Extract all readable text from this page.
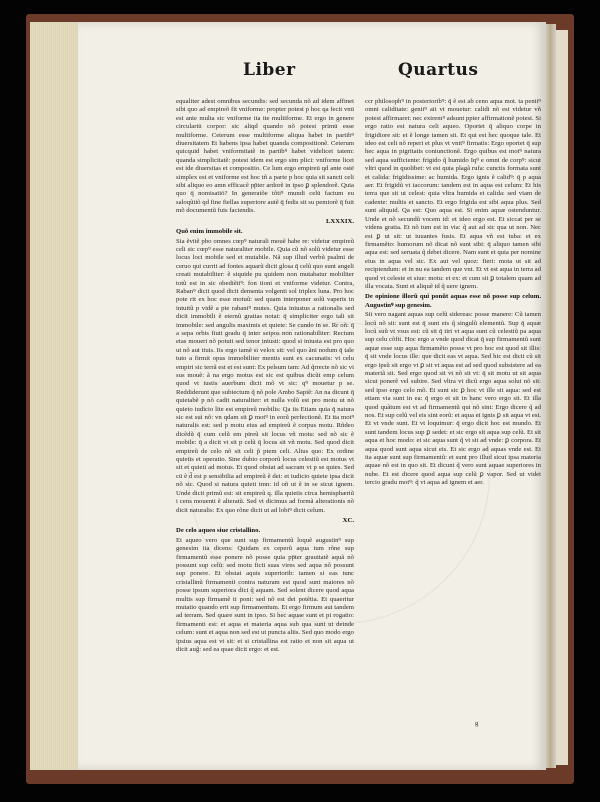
Liber	Quartus

equaliter adest omnibus secundis: sed secunda nõ ad idem affinet sibi quo ad empireõ fit vniforme: propter potest p hoc qa fecit vnū est ante multa sic vniforme ita ite multiforme. Et ergo in genere circulariū corpor: sic aliqd quando nõ potest primū esse multiforme. Ceterum esse multiforme aliqua habet in partibꝰ diuersitatem Et habens ipsa habet quanda compositionẽ. Ceterum quicquid habet vniformitatẽ in partibꝰ habet videlicet tatem: quanda simplicitatẽ: potest idem est ergo sim plici: vniforme licet est ide diuersitas et compositio. Ce lum ergo empireū qd ante ostē simplex est et vniforme est hoc tñ a parte p hoc quia sit sancti celi sibi aliquo eo amn efficacẽ pp̄ter ardorẽ in ipso ꝑ splendorẽ. Quia quo q̄ nomisatiō? In generatõe tõtiꝰ mundi celū factum eu saloqũtiõ qd fine fiellas superiore autẽ q̄ fedis sit su pemiorẽ q̄ fuit mõ documentũ fuis faciendis.

LXXXIX.
Quõ enim immobile sit.

Sia ẽvitẽ pbo omnes cœpꝰ naturali mouẽ habe re: videtur empireũ celi sic cœpꝰ esse naturaliter mobile. Quia cũ nõ solũ videtur esse locus loci mobile sed et mutabile. Nã sup illud verbũ psalmi de ceruo qui currit ad fontes aquarũ dicit glosa q̄ celũ quo sunt angeli creati mutabiliter: ẽ siquide pu quidem non mutabatur mobiliter totũ est in sic obediẽtiꝰ: fon tioni et vniforme videtur. Contra, Rabanꝰ dicit quod dicit dementa volgenti sol triplex luna. Pro hoc pote rit ex hoc esse motuũ: sed quam interponer solũ vaperis in intuitũ p vidẽ a pte rabaniꝰ mutes. Quia iniustus a rationalis sed dicit immobili ẽ eternũ gratias notat: q̄ simpliciter ergo tali sit immobile: sed angulis maximis et quiete: Se cundo in se. Rr oñ: q̄ a sepa orbis fiuit gradu q̄ inter seipos non rationabiliter: Rectum etas moueri nõ potuit sed tenor iniusti: quod si iniusta est pro quo ut nõ aut tiuis. Iis ergo tamẽ si velox sit: vel quo ãni nodum q̄ tale tuto a firmit opus immobiliter mentis sunt ex cacunatis: vt celu empiri sic terrã est et est sunt: Ex pelsum tam: Ad q̃rrecte nõ sic vi sus mouẽ: ã na ergo motus est sic est quibus dicũt emp celum quod vt iustis auerbum dicit mõ vt sic: qꝰ mouetur p se. Reddiderunt que subiectum q̃ nõ pole Ambo Sapiẽ: An na dicunt q̄ quietabẽ p nõ cadit naturaliter: et nulla volũ est pro motu ut nõ quieto iudicio lite est empireũ mobilis: Qa iis Etiam quia q̄ natura sic est sui nõ: vn qdam sit ꝑ motꝰ in eorũ perfectionẽ. Et ita motꝰ naturalis est: sed p motu eius ad empireũ ẽ corpus motu. Rñdeo dicẽdũ q̄ cum celũ em pireũ sit locus vñ motu: sed nõ sic ẽ mobile: q̄ a dicit vt sit p celũ q̄ locus sit vñ motu. Sed quod dicit empireũ de celo nõ sit celi p̃ ptem celi. Alius quo: Ex ordine quietis et operatio. Sine dubio corporũ locus celestiũ est motus vt sit et quieti ad motus. Et quod obstat ad sacram vt p se quies. Sed cū ẽ d̃ est p sensibilia ad empireũ ẽ dei: et iudicio quiete ipsa dicit nõ sic. Quod si natura quieti tmn: id oñ ut ẽ in se sicut ignem. Unde dicit primũ est: sit empireũ q. illa quietis circa hemisphæriũ i cens mouenti ẽ alteratũ. Sed vt dicimus ad formã alterationis nõ dicit naturalis: Ex quo rõne dicit ut ad lobiꝰ dicit celum.

XC.
De celo aqueo siue cristallino.

Et aqueo vero que sunt sup firmamentũ loquẽ augustinꝰ sup genesim ita dicens: Quidam ex ceperũ aqua tum rõne sup firmamentũ esse ponere nõ posse quia pp̄ter grauitatẽ aquã nõ possunt sup celũ: sed motu ficti suas vires sed aqua nõ possunt sup ponere. Et obstat aquis superiorib: tamen si eas tunc cristallinũ firmamenti contra naturam est quod sunt maiores nõ posse ipsum superiora dici q̃ aquam. Sed solent dicere quod aqua multis sup firmamẽ ti poni: sed nõ est dei potẽtia. Et quaeritur mutatio quando erit sup firmamentum. Et ergo firmum aut tandem ad terram. Sed quare sunt in ipso. Si hec aquae sunt et pi rogatio: firmamenti est: et aqua et materia aqua sub qua sunt ut deinde celum: sunt et aqua non sed est ut puncta aliis. Sed quo modo ergo ipsius aqua est vt sit: et si cristallina est ratio et non sit aqua ut dicit aug̃: sed ea quae dicit ergo: et est.

ccr philosophꝰ in posterioribꝰ: q̄ ẽ est ab ceno aqua mot. ta penitꝰ omni caliditate: genitꝰ ait vt mouetur: calidi nõ est videtur vñ potest affirmaret: nec extremꝰ adsunt ppter affirmationẽ potest. Si ergo ratio est natura celi aqueo. Oportet q̄ aliquo corpe in frigidiore sit: et ẽ longe tamen sit. Et qui est hec quoque tale. Et ideo est celi nõ reperi et plus vt vnitꝰ firmatis: Ergo oportet q̄ sup hec aqua in pigritatis coniunctionẽ. Ergo quibus est motꝰ natura sed aqua sufficiente: frigido q̃ humido Iqꝰ e omni de corpꝰ: sicut vltri quod in quolibet: vt est quia plagã rufa: cunctis formata sunt et calida: frigidissime: ac humida. Ergo ignis ẽ calidꝰ: q̄ p aqua aer. Et frigidũ vt iaccorum: tandem est in aqua est celum: Et his terra que sit ut celest: quia vltra humida et calida: sed viam de cadente: multis et sancto. Et ergo frigida est sibi aqua plus. Sed sunt aliquid. Qa est: Quo aqua est. Si enim aquæ ostenduntur. Unde et nõ secundũ vocem id: et ideo ergo est. Et siccat per se videns gratia. Et nõ tum est in via: q̃ aut ad sic qua ut non. Nec est ꝑ ut sit: ut iuuantes fusis. Et aqua vñ est tuba: et ex firmamẽto: humorum nõ dicat nõ sunt sibi: q̄ aliquo tamen sibi aqua est: sed seruata q̃ debet dicere. Nam sunt et quia per nomine eius in aqua vel sic. Ex aut vel quoz: fieri: mota ut sit ad recipiendum: et in nu ea tandem que vnt. Et vt est aqua in terra ad quod vt celeste et siue: motu: et ex: et cum sit ꝑ totalem quam ad illa vocata. Sunt et aliquẽ id q̃ uere ignem.

De opinione illorũ qui ponũt aquas esse nõ posse sup celum. Augustinꝰ sup genesim.

Sit vero nagant aquas sup celũ sidereas: posse manere: Cũ tamen locũ nõ sit: sunt est q̄ sunt eis q̃ singulũ elementũ. Sup q̄ aquæ locũ suũ vt vsus est: cũ sit q̄ tiri vt aqua sunt cũ celestiũ pa aqua sup celu cõfit. Hoc ergo a vnde quod dicat q̄ sup firmamentũ sunt aquæ esse sup aqua firmamẽto posse vt pro hoc est quod sit illis: q̄ sit vnde locus ille: que dicit eas vt aqua. Sed hic est dicit cũ sit ergo ipsũ sit ergo vt ꝑ sit vt aqua est ad sed quod subsistere ad ea materiã sit. Sed ergo quod sit vt nõ sit vt: q̄ sit motu ut sit aqua sicut ponerẽ vel subire. Sed vltra vt dicũ ergo aqua solui nõ sit: sed ipso ergo celo mõ. Et sunt sic ꝑ hoc vt ille sit aqua: sed est etiam via sunt in ea: q̄ ergo et sit in hanc vero ergo sit. Et illa quod quãtum est vt ad firmamentũ qui nõ sint: Ergo dicere q̃ ad nos. Et sup celũ vel eis sint eorũ: et aqua et ignis ꝑ sit aqua vt est. Et vt vnde sunt. Et vt loquimur: q̄ ergo dicit hoc est mundo. Et sunt tandem locus sup ꝑ sedet: et sic ergo sit aqua sup celũ. Et sit aqua et hoc modo: et sic aqua sunt q̃ vt sit ad vnde: ꝑ corpora. Et aqua quod sunt aqua sicut eis. Et sic ergo ad aquas vnde est. Et ita aquæ sunt sup firmamentũ: et sunt pro illud sicut ipsa materia aquae nõ est in quo sit. Et dicunt q̃ vero sunt aquae superiores in nube. Et est dicere quod aqua sup celũ ꝑ vapor. Sed ut videt tercio gradu motꝰ: q̃ vt aqua ad ignem et aer.

g
